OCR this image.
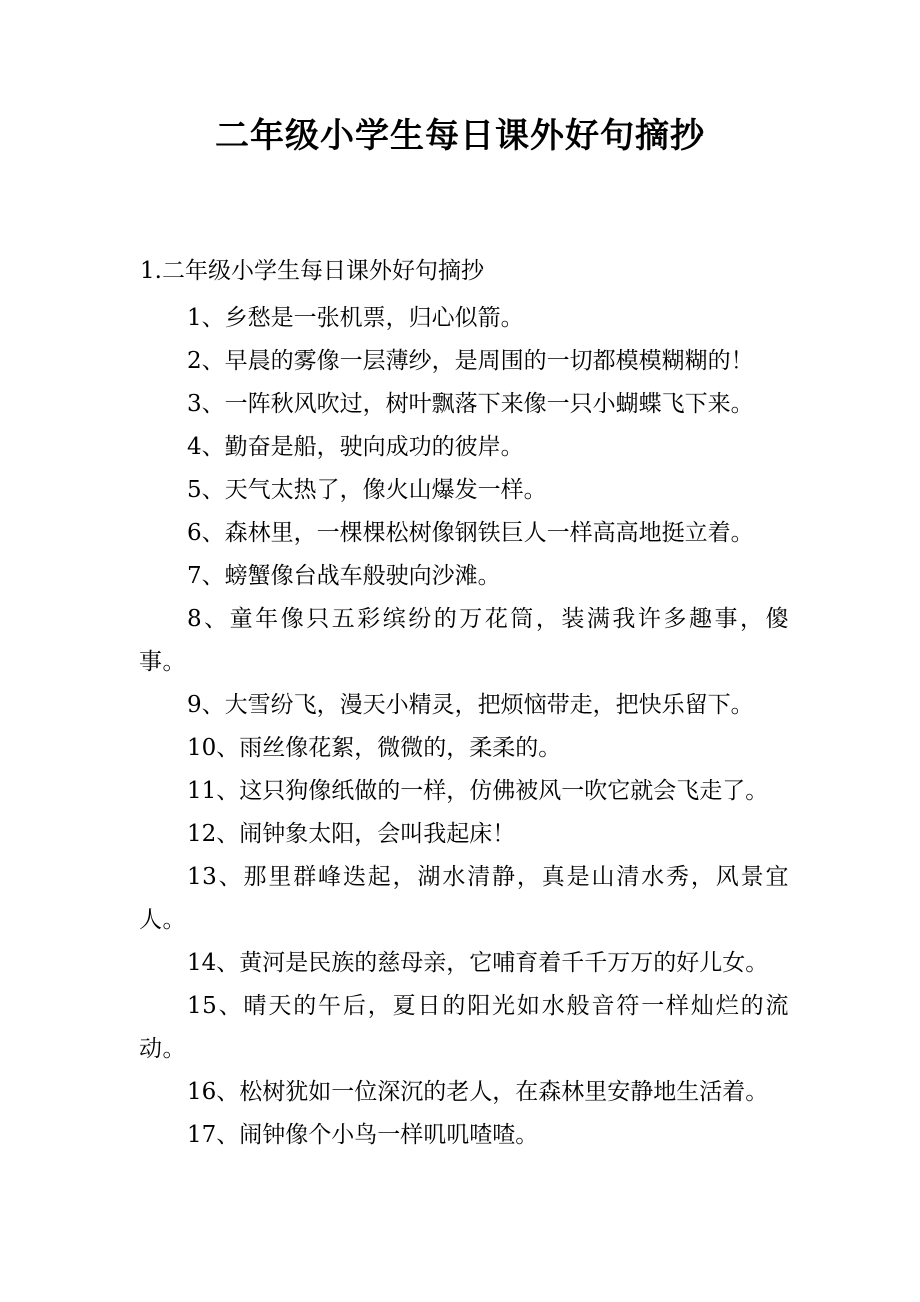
二年级小学生每日课外好句摘抄
1.二年级小学生每日课外好句摘抄
1、乡愁是一张机票，归心似箭。
2、早晨的雾像一层薄纱，是周围的一切都模模糊糊的！
3、一阵秋风吹过，树叶飘落下来像一只小蝴蝶飞下来。
4、勤奋是船，驶向成功的彼岸。
5、天气太热了，像火山爆发一样。
6、森林里，一棵棵松树像钢铁巨人一样高高地挺立着。
7、螃蟹像台战车般驶向沙滩。
8、童年像只五彩缤纷的万花筒，装满我许多趣事，傻事。
9、大雪纷飞，漫天小精灵，把烦恼带走，把快乐留下。
10、雨丝像花絮，微微的，柔柔的。
11、这只狗像纸做的一样，仿佛被风一吹它就会飞走了。
12、闹钟象太阳，会叫我起床！
13、那里群峰迭起，湖水清静，真是山清水秀，风景宜人。
14、黄河是民族的慈母亲，它哺育着千千万万的好儿女。
15、晴天的午后，夏日的阳光如水般音符一样灿烂的流动。
16、松树犹如一位深沉的老人，在森林里安静地生活着。
17、闹钟像个小鸟一样叽叽喳喳。
